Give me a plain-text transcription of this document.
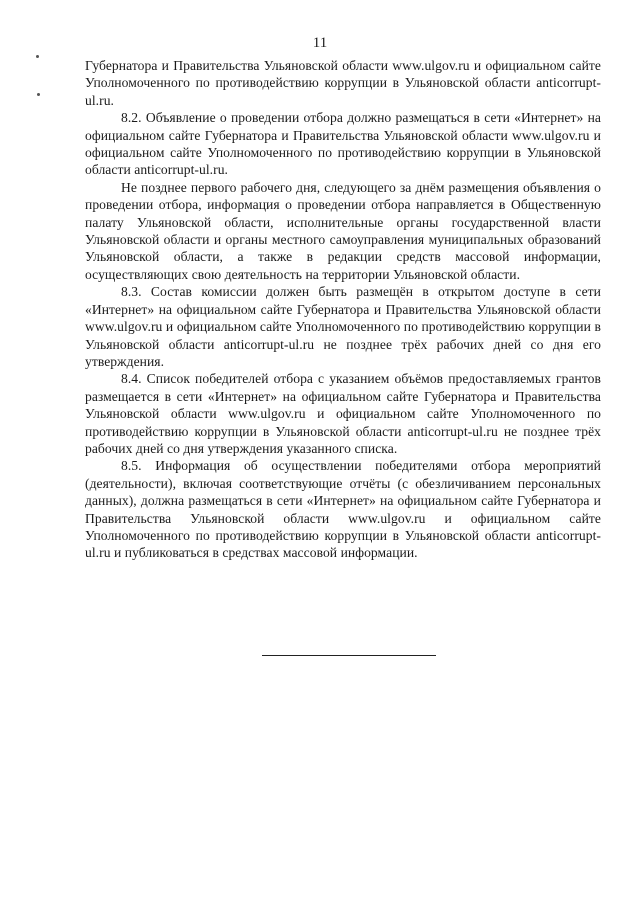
11

Губернатора и Правительства Ульяновской области www.ulgov.ru и официальном сайте Уполномоченного по противодействию коррупции в Ульяновской области anticorrupt-ul.ru.

8.2. Объявление о проведении отбора должно размещаться в сети «Интернет» на официальном сайте Губернатора и Правительства Ульяновской области www.ulgov.ru и официальном сайте Уполномоченного по противодействию коррупции в Ульяновской области anticorrupt-ul.ru.

Не позднее первого рабочего дня, следующего за днём размещения объявления о проведении отбора, информация о проведении отбора направляется в Общественную палату Ульяновской области, исполнительные органы государственной власти Ульяновской области и органы местного самоуправления муниципальных образований Ульяновской области, а также в редакции средств массовой информации, осуществляющих свою деятельность на территории Ульяновской области.

8.3. Состав комиссии должен быть размещён в открытом доступе в сети «Интернет» на официальном сайте Губернатора и Правительства Ульяновской области www.ulgov.ru и официальном сайте Уполномоченного по противодействию коррупции в Ульяновской области anticorrupt-ul.ru не позднее трёх рабочих дней со дня его утверждения.

8.4. Список победителей отбора с указанием объёмов предоставляемых грантов размещается в сети «Интернет» на официальном сайте Губернатора и Правительства Ульяновской области www.ulgov.ru и официальном сайте Уполномоченного по противодействию коррупции в Ульяновской области anticorrupt-ul.ru не позднее трёх рабочих дней со дня утверждения указанного списка.

8.5. Информация об осуществлении победителями отбора мероприятий (деятельности), включая соответствующие отчёты (с обезличиванием персональных данных), должна размещаться в сети «Интернет» на официальном сайте Губернатора и Правительства Ульяновской области www.ulgov.ru и официальном сайте Уполномоченного по противодействию коррупции в Ульяновской области anticorrupt-ul.ru и публиковаться в средствах массовой информации.
